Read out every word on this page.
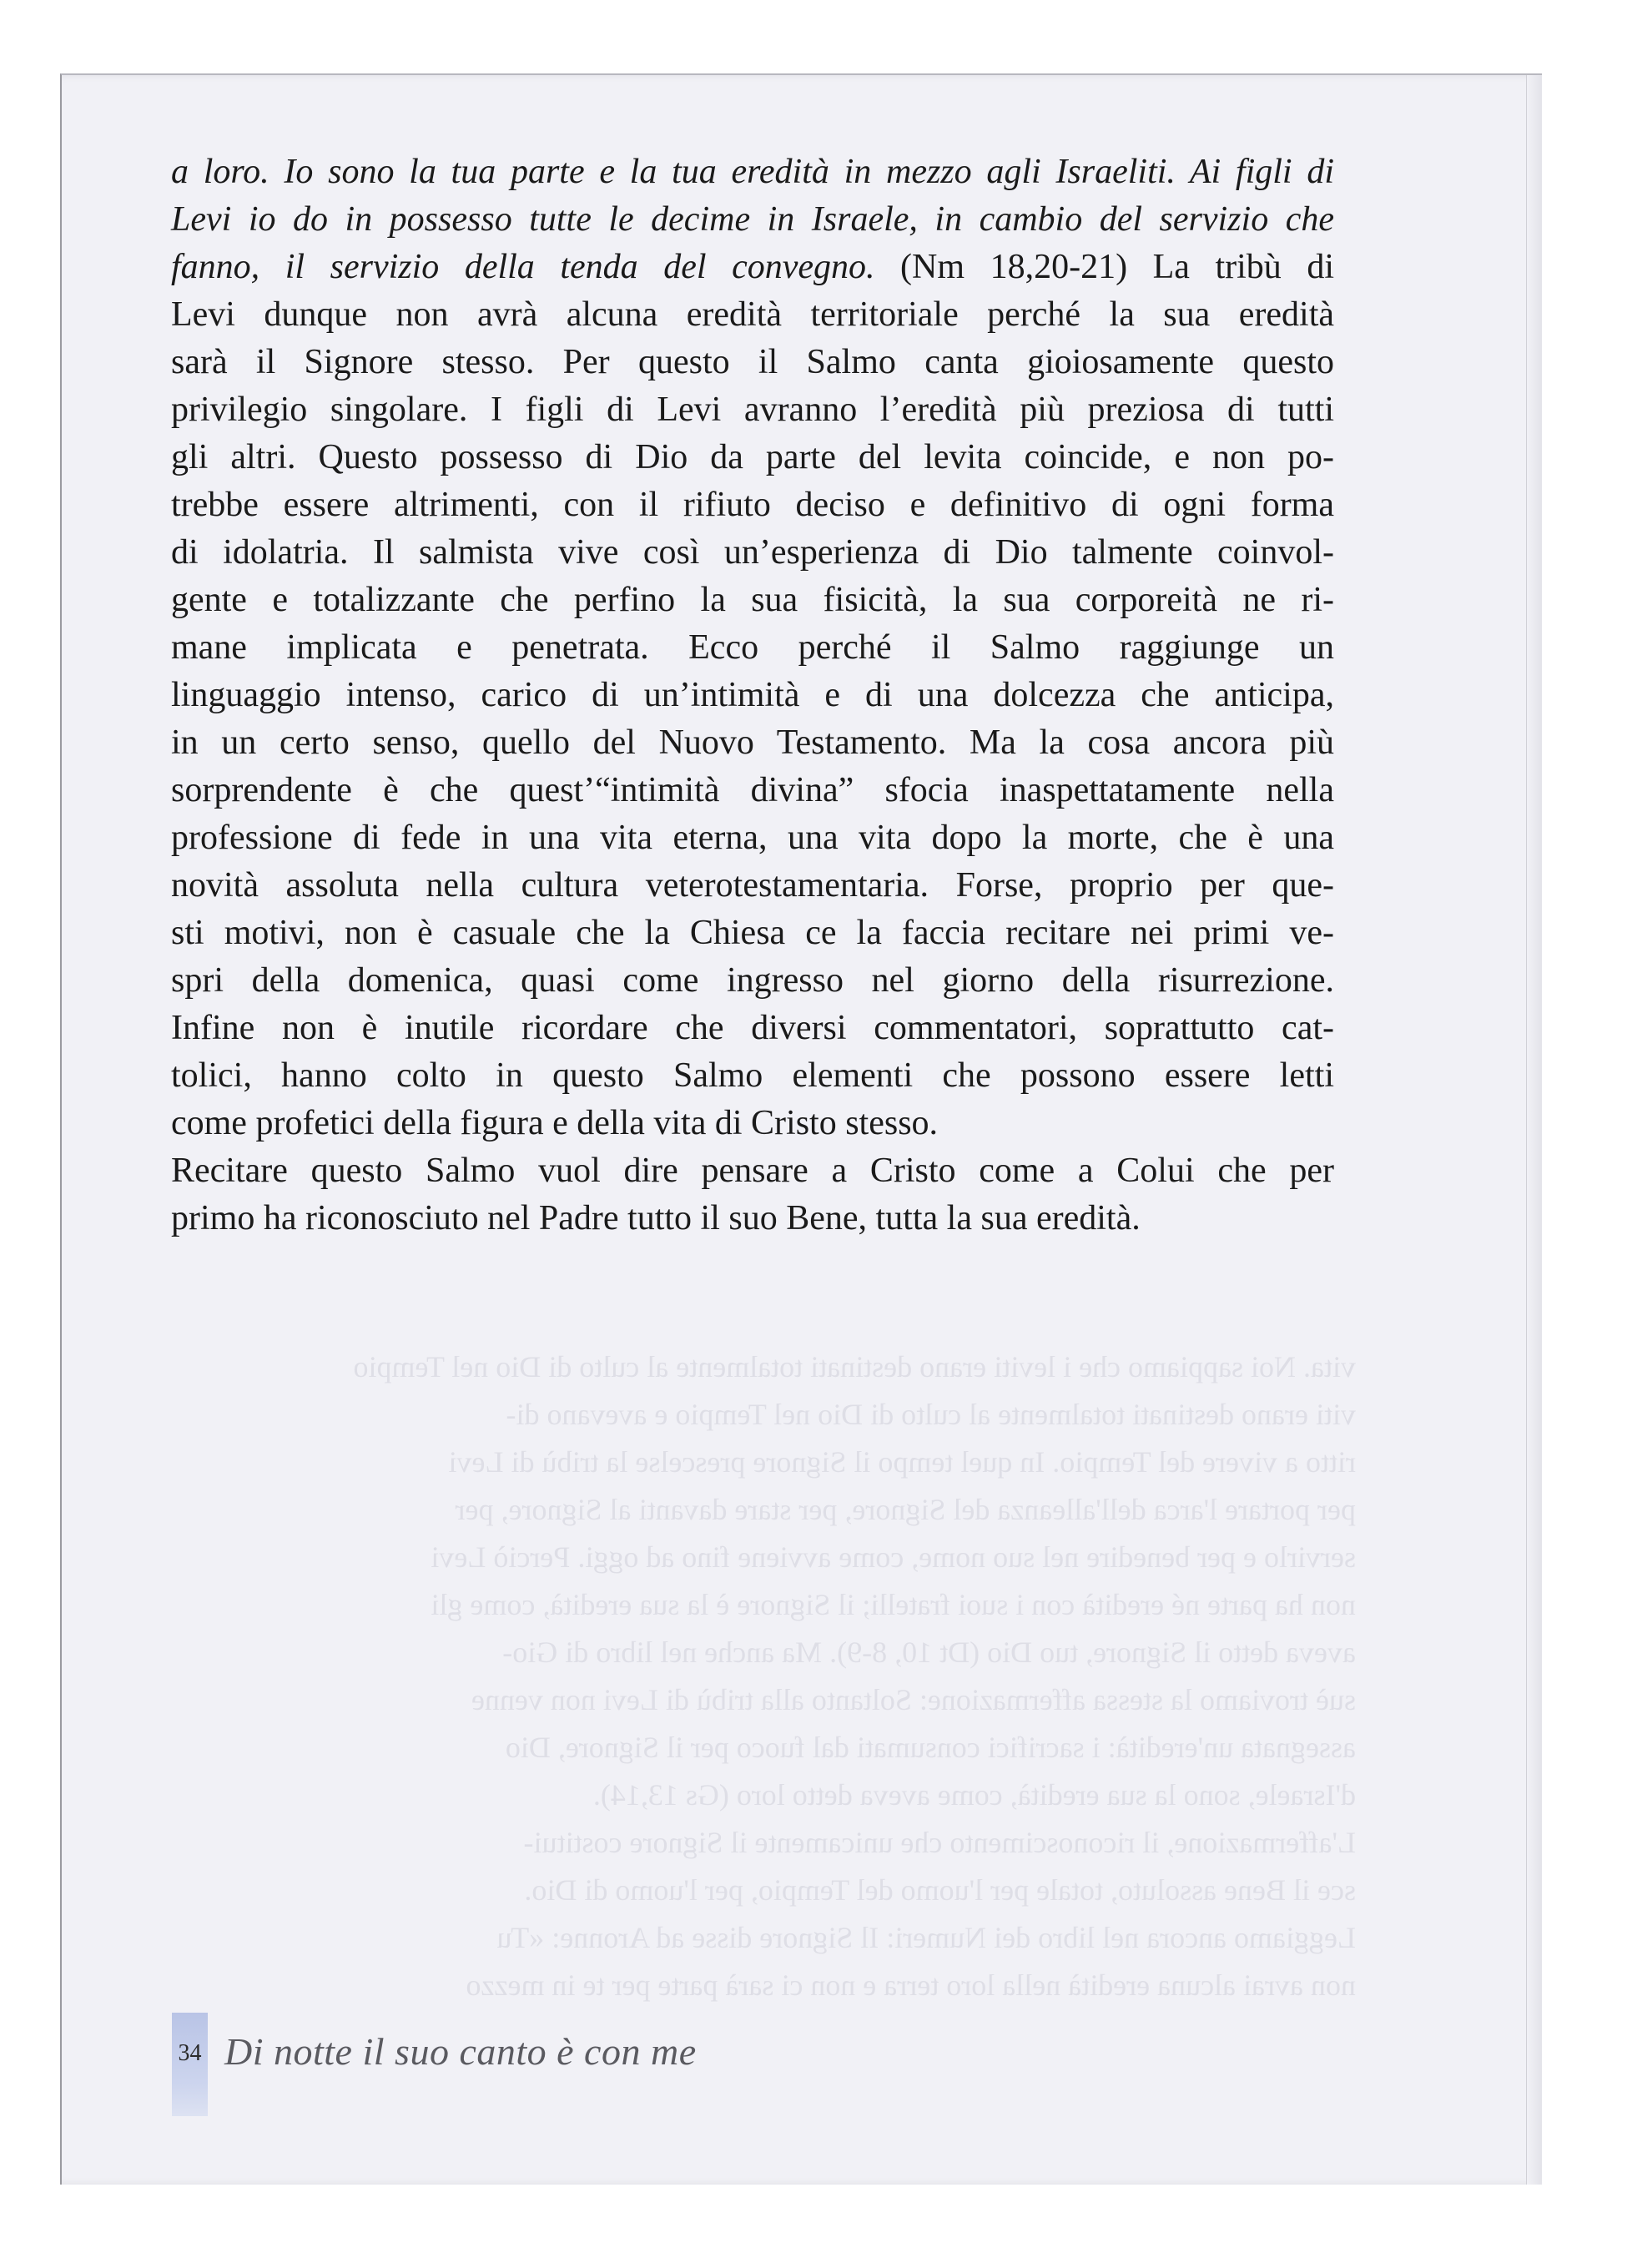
vita. Noi sappiamo che i leviti erano destinati totalmente al culto di Dio nel Tempio
viti erano destinati totalmente al culto di Dio nel Tempio e avevano di-
ritto a vivere del Tempio. In quel tempo il Signore prescelse la tribù di Levi
per portare l'arca dell'alleanza del Signore, per stare davanti al Signore, per
servirlo e per benedire nel suo nome, come avviene fino ad oggi. Perciò Levi
non ha parte né eredità con i suoi fratelli; il Signore è la sua eredità, come gli
aveva detto il Signore, tuo Dio (Dt 10, 8-9). Ma anche nel libro di Gio-
suè troviamo la stessa affermazione: Soltanto alla tribù di Levi non venne
assegnata un'eredità: i sacrifici consumati dal fuoco per il Signore, Dio
d'Israele, sono la sua eredità, come aveva detto loro (Gs 13,14).
L'affermazione, il riconoscimento che unicamente il Signore costitui-
sce il Bene assoluto, totale per l'uomo del Tempio, per l'uomo di Dio.
Leggiamo ancora nel libro dei Numeri: Il Signore disse ad Aronne: «Tu
non avrai alcuna eredità nella loro terra e non ci sarà parte per te in mezzo

a loro. Io sono la tua parte e la tua eredità in mezzo agli Israeliti. Ai figli di
Levi io do in possesso tutte le decime in Israele, in cambio del servizio che
fanno, il servizio della tenda del convegno. (Nm 18,20-21) La tribù di
Levi dunque non avrà alcuna eredità territoriale perché la sua eredità
sarà il Signore stesso. Per questo il Salmo canta gioiosamente questo
privilegio singolare. I figli di Levi avranno l’eredità più preziosa di tutti
gli altri. Questo possesso di Dio da parte del levita coincide, e non po-
trebbe essere altrimenti, con il rifiuto deciso e definitivo di ogni forma
di idolatria. Il salmista vive così un’esperienza di Dio talmente coinvol-
gente e totalizzante che perfino la sua fisicità, la sua corporeità ne ri-
mane implicata e penetrata. Ecco perché il Salmo raggiunge un
linguaggio intenso, carico di un’intimità e di una dolcezza che anticipa,
in un certo senso, quello del Nuovo Testamento. Ma la cosa ancora più
sorprendente è che quest’“intimità divina” sfocia inaspettatamente nella
professione di fede in una vita eterna, una vita dopo la morte, che è una
novità assoluta nella cultura veterotestamentaria. Forse, proprio per que-
sti motivi, non è casuale che la Chiesa ce la faccia recitare nei primi ve-
spri della domenica, quasi come ingresso nel giorno della risurrezione.
Infine non è inutile ricordare che diversi commentatori, soprattutto cat-
tolici, hanno colto in questo Salmo elementi che possono essere letti
come profetici della figura e della vita di Cristo stesso.

Recitare questo Salmo vuol dire pensare a Cristo come a Colui che per
primo ha riconosciuto nel Padre tutto il suo Bene, tutta la sua eredità.

34 Di notte il suo canto è con me
